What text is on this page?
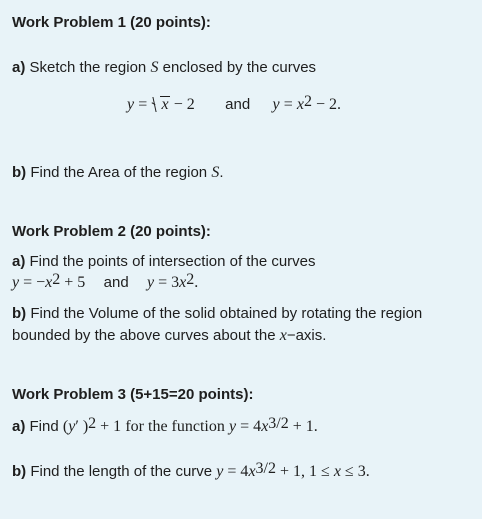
Work Problem 1 (20 points):
a) Sketch the region S enclosed by the curves
y = x − 2 and $y = x^2 - 2$.
b) Find the Area of the region S.
Work Problem 2 (20 points):
a) Find the points of intersection of the curves
$y = -x^2 + 5$ and $y = 3x^2$.
b) Find the Volume of the solid obtained by rotating the region
bounded by the above curves about the x−axis.
Work Problem 3 (5+15=20 points):
a) Find (y′ )$^2$ + 1 for the function $y = 4x^{3/2} + 1$.
b) Find the length of the curve $y = 4x^{3/2} + 1$, 1 ≤ x ≤ 3.
